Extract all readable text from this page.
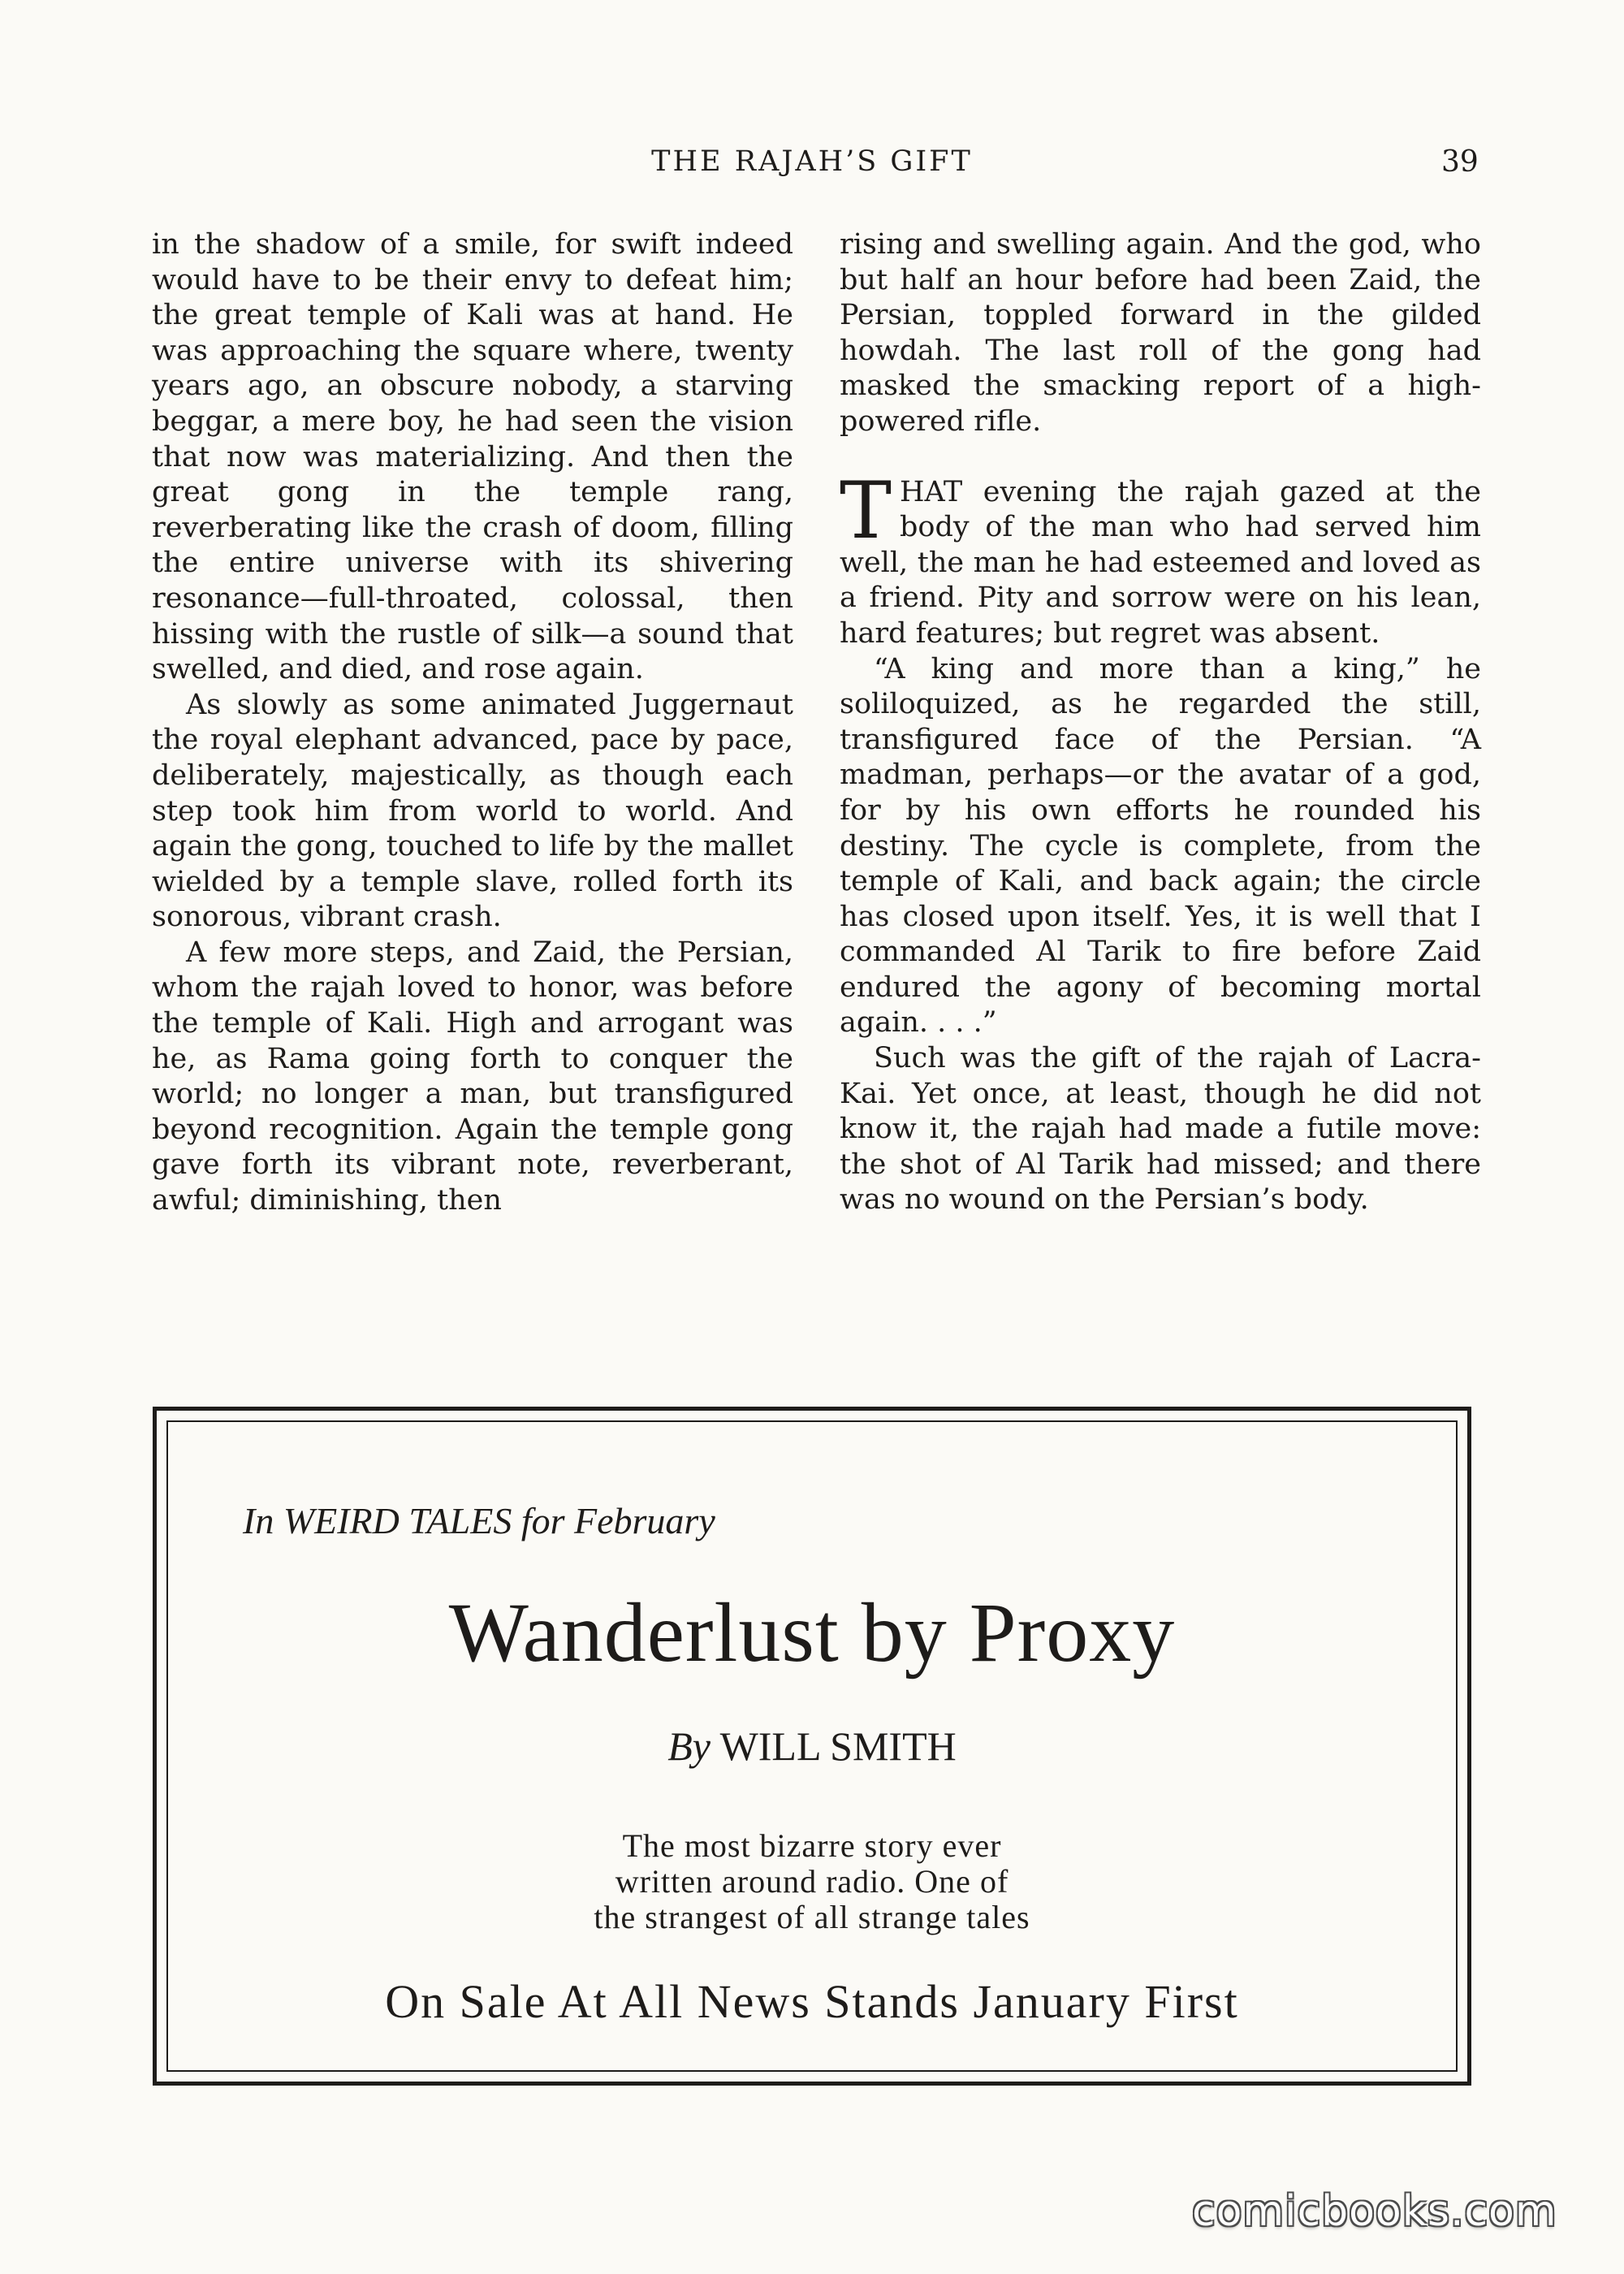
THE RAJAH’S GIFT	39

in the shadow of a smile, for swift indeed would have to be their envy to defeat him; the great temple of Kali was at hand. He was approaching the square where, twenty years ago, an obscure nobody, a starving beggar, a mere boy, he had seen the vision that now was materializing. And then the great gong in the temple rang, reverberating like the crash of doom, filling the entire universe with its shivering resonance—full-throated, colossal, then hissing with the rustle of silk—a sound that swelled, and died, and rose again.

As slowly as some animated Juggernaut the royal elephant advanced, pace by pace, deliberately, majestically, as though each step took him from world to world. And again the gong, touched to life by the mallet wielded by a temple slave, rolled forth its sonorous, vibrant crash.

A few more steps, and Zaid, the Persian, whom the rajah loved to honor, was before the temple of Kali. High and arrogant was he, as Rama going forth to conquer the world; no longer a man, but transfigured beyond recognition. Again the temple gong gave forth its vibrant note, reverberant, awful; diminishing, then

rising and swelling again. And the god, who but half an hour before had been Zaid, the Persian, toppled forward in the gilded howdah. The last roll of the gong had masked the smacking report of a high-powered rifle.

THAT evening the rajah gazed at the body of the man who had served him well, the man he had esteemed and loved as a friend. Pity and sorrow were on his lean, hard features; but regret was absent.

“A king and more than a king,” he soliloquized, as he regarded the still, transfigured face of the Persian. “A madman, perhaps—or the avatar of a god, for by his own efforts he rounded his destiny. The cycle is complete, from the temple of Kali, and back again; the circle has closed upon itself. Yes, it is well that I commanded Al Tarik to fire before Zaid endured the agony of becoming mortal again. . . .”

Such was the gift of the rajah of Lacra-Kai. Yet once, at least, though he did not know it, the rajah had made a futile move: the shot of Al Tarik had missed; and there was no wound on the Persian’s body.

In WEIRD TALES for February
Wanderlust by Proxy
By WILL SMITH
The most bizarre story ever
written around radio. One of
the strangest of all strange tales
On Sale At All News Stands January First
comicbooks.com
